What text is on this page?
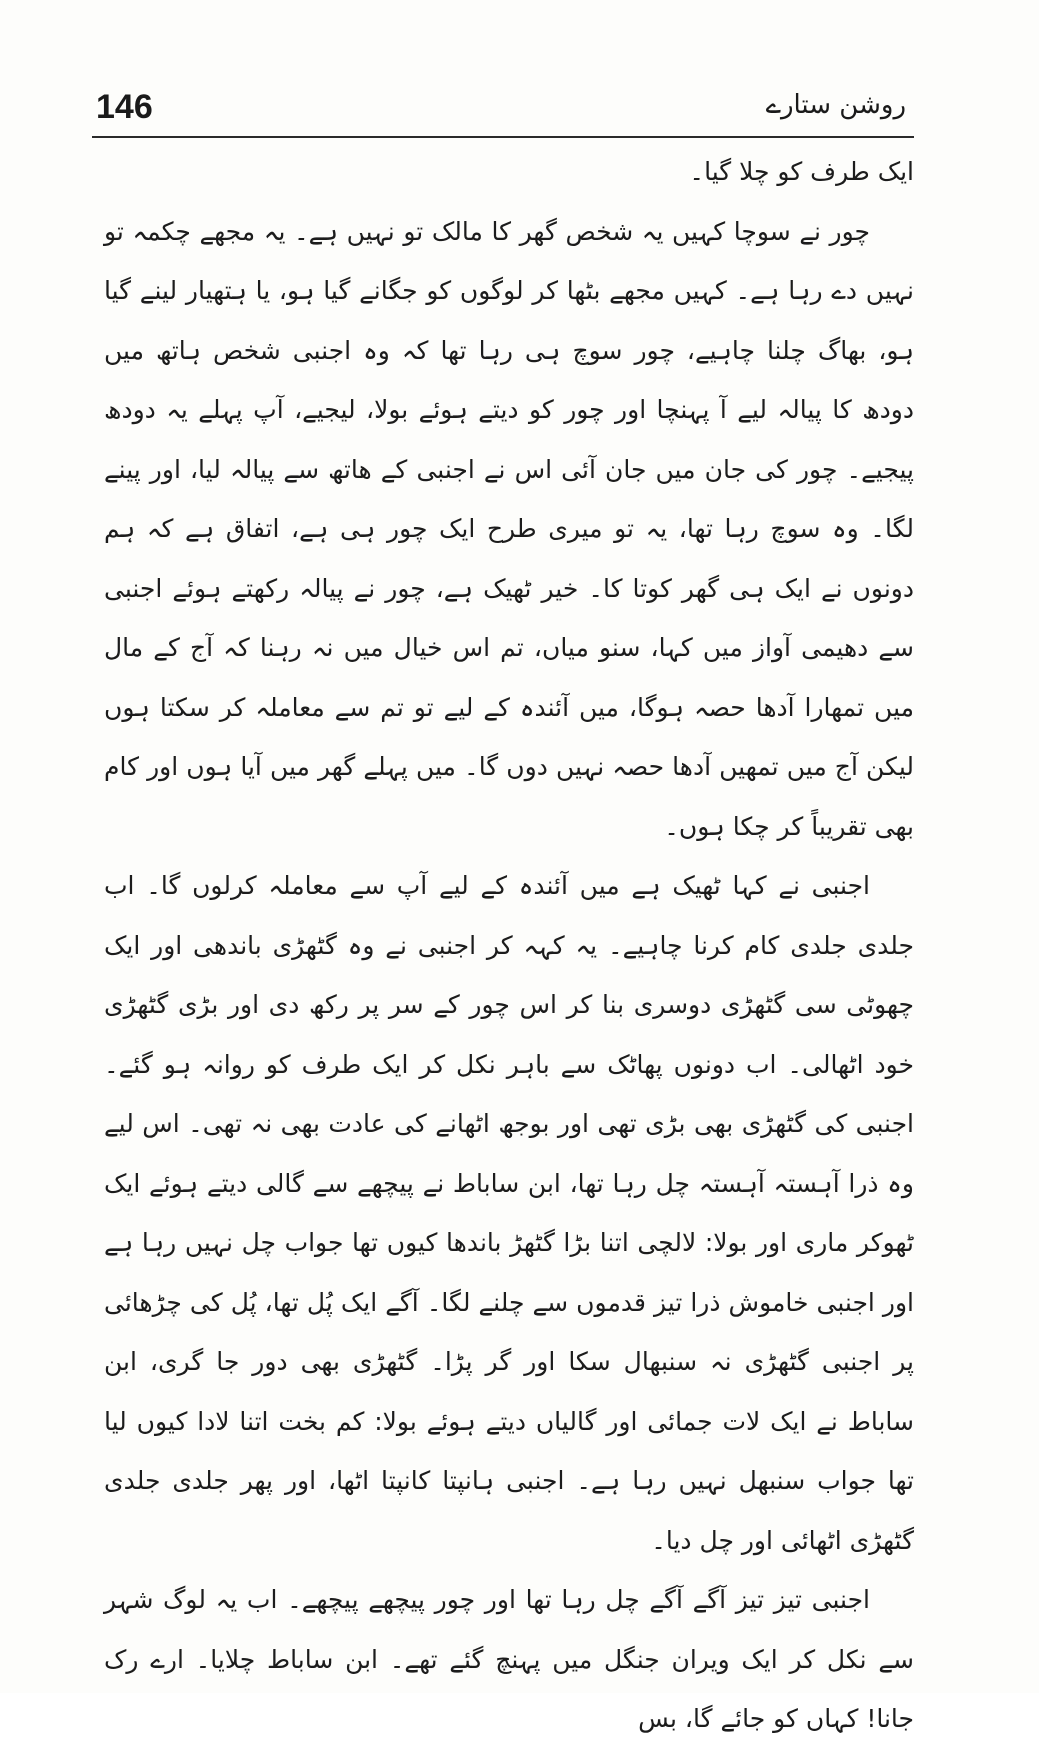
146	روشن ستارے

ایک طرف کو چلا گیا۔

چور نے سوچا کہیں یہ شخص گھر کا مالک تو نہیں ہے۔ یہ مجھے چکمہ تو نہیں دے رہا ہے۔ کہیں مجھے بٹھا کر لوگوں کو جگانے گیا ہو، یا ہتھیار لینے گیا ہو، بھاگ چلنا چاہیے، چور سوچ ہی رہا تھا کہ وہ اجنبی شخص ہاتھ میں دودھ کا پیالہ لیے آ پہنچا اور چور کو دیتے ہوئے بولا، لیجیے، آپ پہلے یہ دودھ پیجیے۔ چور کی جان میں جان آئی اس نے اجنبی کے ھاتھ سے پیالہ لیا، اور پینے لگا۔ وہ سوچ رہا تھا، یہ تو میری طرح ایک چور ہی ہے، اتفاق ہے کہ ہم دونوں نے ایک ہی گھر کوتا کا۔ خیر ٹھیک ہے، چور نے پیالہ رکھتے ہوئے اجنبی سے دھیمی آواز میں کہا، سنو میاں، تم اس خیال میں نہ رہنا کہ آج کے مال میں تمھارا آدھا حصہ ہوگا، میں آئندہ کے لیے تو تم سے معاملہ کر سکتا ہوں لیکن آج میں تمھیں آدھا حصہ نہیں دوں گا۔ میں پہلے گھر میں آیا ہوں اور کام بھی تقریباً کر چکا ہوں۔

اجنبی نے کہا ٹھیک ہے میں آئندہ کے لیے آپ سے معاملہ کرلوں گا۔ اب جلدی جلدی کام کرنا چاہیے۔ یہ کہہ کر اجنبی نے وہ گٹھڑی باندھی اور ایک چھوٹی سی گٹھڑی دوسری بنا کر اس چور کے سر پر رکھ دی اور بڑی گٹھڑی خود اٹھالی۔ اب دونوں پھاٹک سے باہر نکل کر ایک طرف کو روانہ ہو گئے۔ اجنبی کی گٹھڑی بھی بڑی تھی اور بوجھ اٹھانے کی عادت بھی نہ تھی۔ اس لیے وہ ذرا آہستہ آہستہ چل رہا تھا، ابن ساباط نے پیچھے سے گالی دیتے ہوئے ایک ٹھوکر ماری اور بولا: لالچی اتنا بڑا گٹھڑ باندھا کیوں تھا جواب چل نہیں رہا ہے اور اجنبی خاموش ذرا تیز قدموں سے چلنے لگا۔ آگے ایک پُل تھا، پُل کی چڑھائی پر اجنبی گٹھڑی نہ سنبھال سکا اور گر پڑا۔ گٹھڑی بھی دور جا گری، ابن ساباط نے ایک لات جمائی اور گالیاں دیتے ہوئے بولا: کم بخت اتنا لادا کیوں لیا تھا جواب سنبھل نہیں رہا ہے۔ اجنبی ہانپتا کانپتا اٹھا، اور پھر جلدی جلدی گٹھڑی اٹھائی اور چل دیا۔

اجنبی تیز تیز آگے آگے چل رہا تھا اور چور پیچھے پیچھے۔ اب یہ لوگ شہر سے نکل کر ایک ویران جنگل میں پہنچ گئے تھے۔ ابن ساباط چلایا۔ ارے رک جانا! کہاں کو جائے گا، بس
